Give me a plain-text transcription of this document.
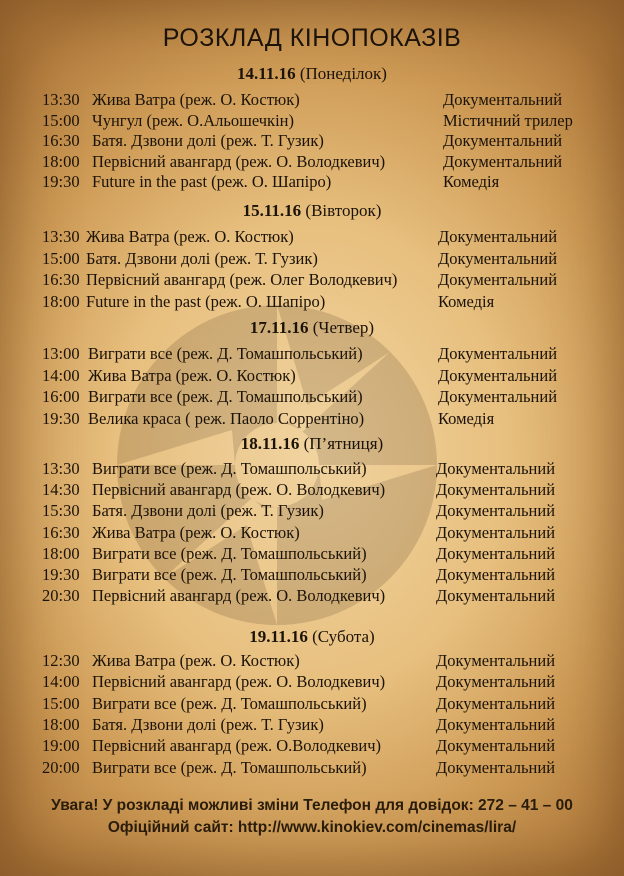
РОЗКЛАД КІНОПОКАЗІВ
14.11.16 (Понеділок)
13:30 Жива Ватра (реж. О. Костюк)	Документальний
15:00 Чунгул (реж. О.Альошечкін)	Містичний трилер
16:30 Батя. Дзвони долі (реж. Т. Гузик)	Документальний
18:00 Первісний авангард (реж. О. Володкевич)	Документальний
19:30 Future in the past (реж. О. Шапіро)	Комедія
15.11.16 (Вівторок)
13:30 Жива Ватра (реж. О. Костюк)	Документальний
15:00 Батя. Дзвони долі (реж. Т. Гузик)	Документальний
16:30 Первісний авангард (реж. Олег Володкевич) Документальний
18:00 Future in the past (реж. О. Шапіро)	Комедія
17.11.16 (Четвер)
13:00 Виграти все (реж. Д. Томашпольський)	Документальний
14:00 Жива Ватра (реж. О. Костюк)	Документальний
16:00 Виграти все (реж. Д. Томашпольський)	Документальний
19:30 Велика краса ( реж. Паоло Соррентіно)	Комедія
18.11.16 (П’ятниця)
13:30 Виграти все (реж. Д. Томашпольський)	Документальний
14:30 Первісний авангард (реж. О. Володкевич)	Документальний
15:30 Батя. Дзвони долі (реж. Т. Гузик)	Документальний
16:30 Жива Ватра (реж. О. Костюк)	Документальний
18:00 Виграти все (реж. Д. Томашпольський)	Документальний
19:30 Виграти все (реж. Д. Томашпольський)	Документальний
20:30 Первісний авангард (реж. О. Володкевич)	Документальний
19.11.16 (Субота)
12:30 Жива Ватра (реж. О. Костюк)	Документальний
14:00 Первісний авангард (реж. О. Володкевич)	Документальний
15:00 Виграти все (реж. Д. Томашпольський)	Документальний
18:00 Батя. Дзвони долі (реж. Т. Гузик)	Документальний
19:00 Первісний авангард (реж. О.Володкевич)	Документальний
20:00 Виграти все (реж. Д. Томашпольський)	Документальний
Увага! У розкладі можливі зміни Телефон для довідок: 272 – 41 – 00
Офіційний сайт: http://www.kinokiev.com/cinemas/lira/
